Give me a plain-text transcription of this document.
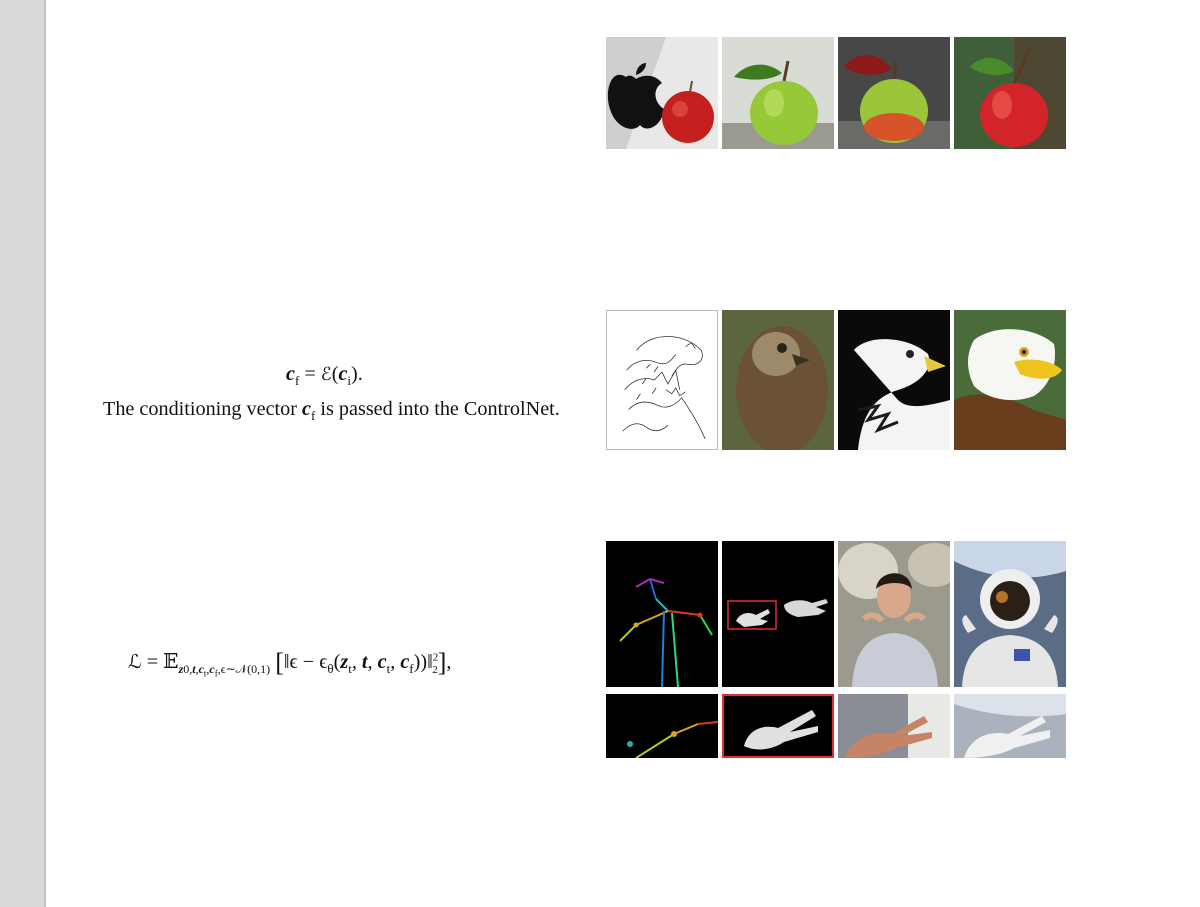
$c_f$ = $ℰ(c_i)$.
The conditioning vector $c_f$ is passed into the ControlNet.
ℒ = 𝔼$_{z0,t,c_t,c_f,\epsilon\sim 𝒩(0,1)}$ [‖ϵ − $\epsilon_\theta(z_t$, t, $c_t$, $c_f))‖^2_2$],
